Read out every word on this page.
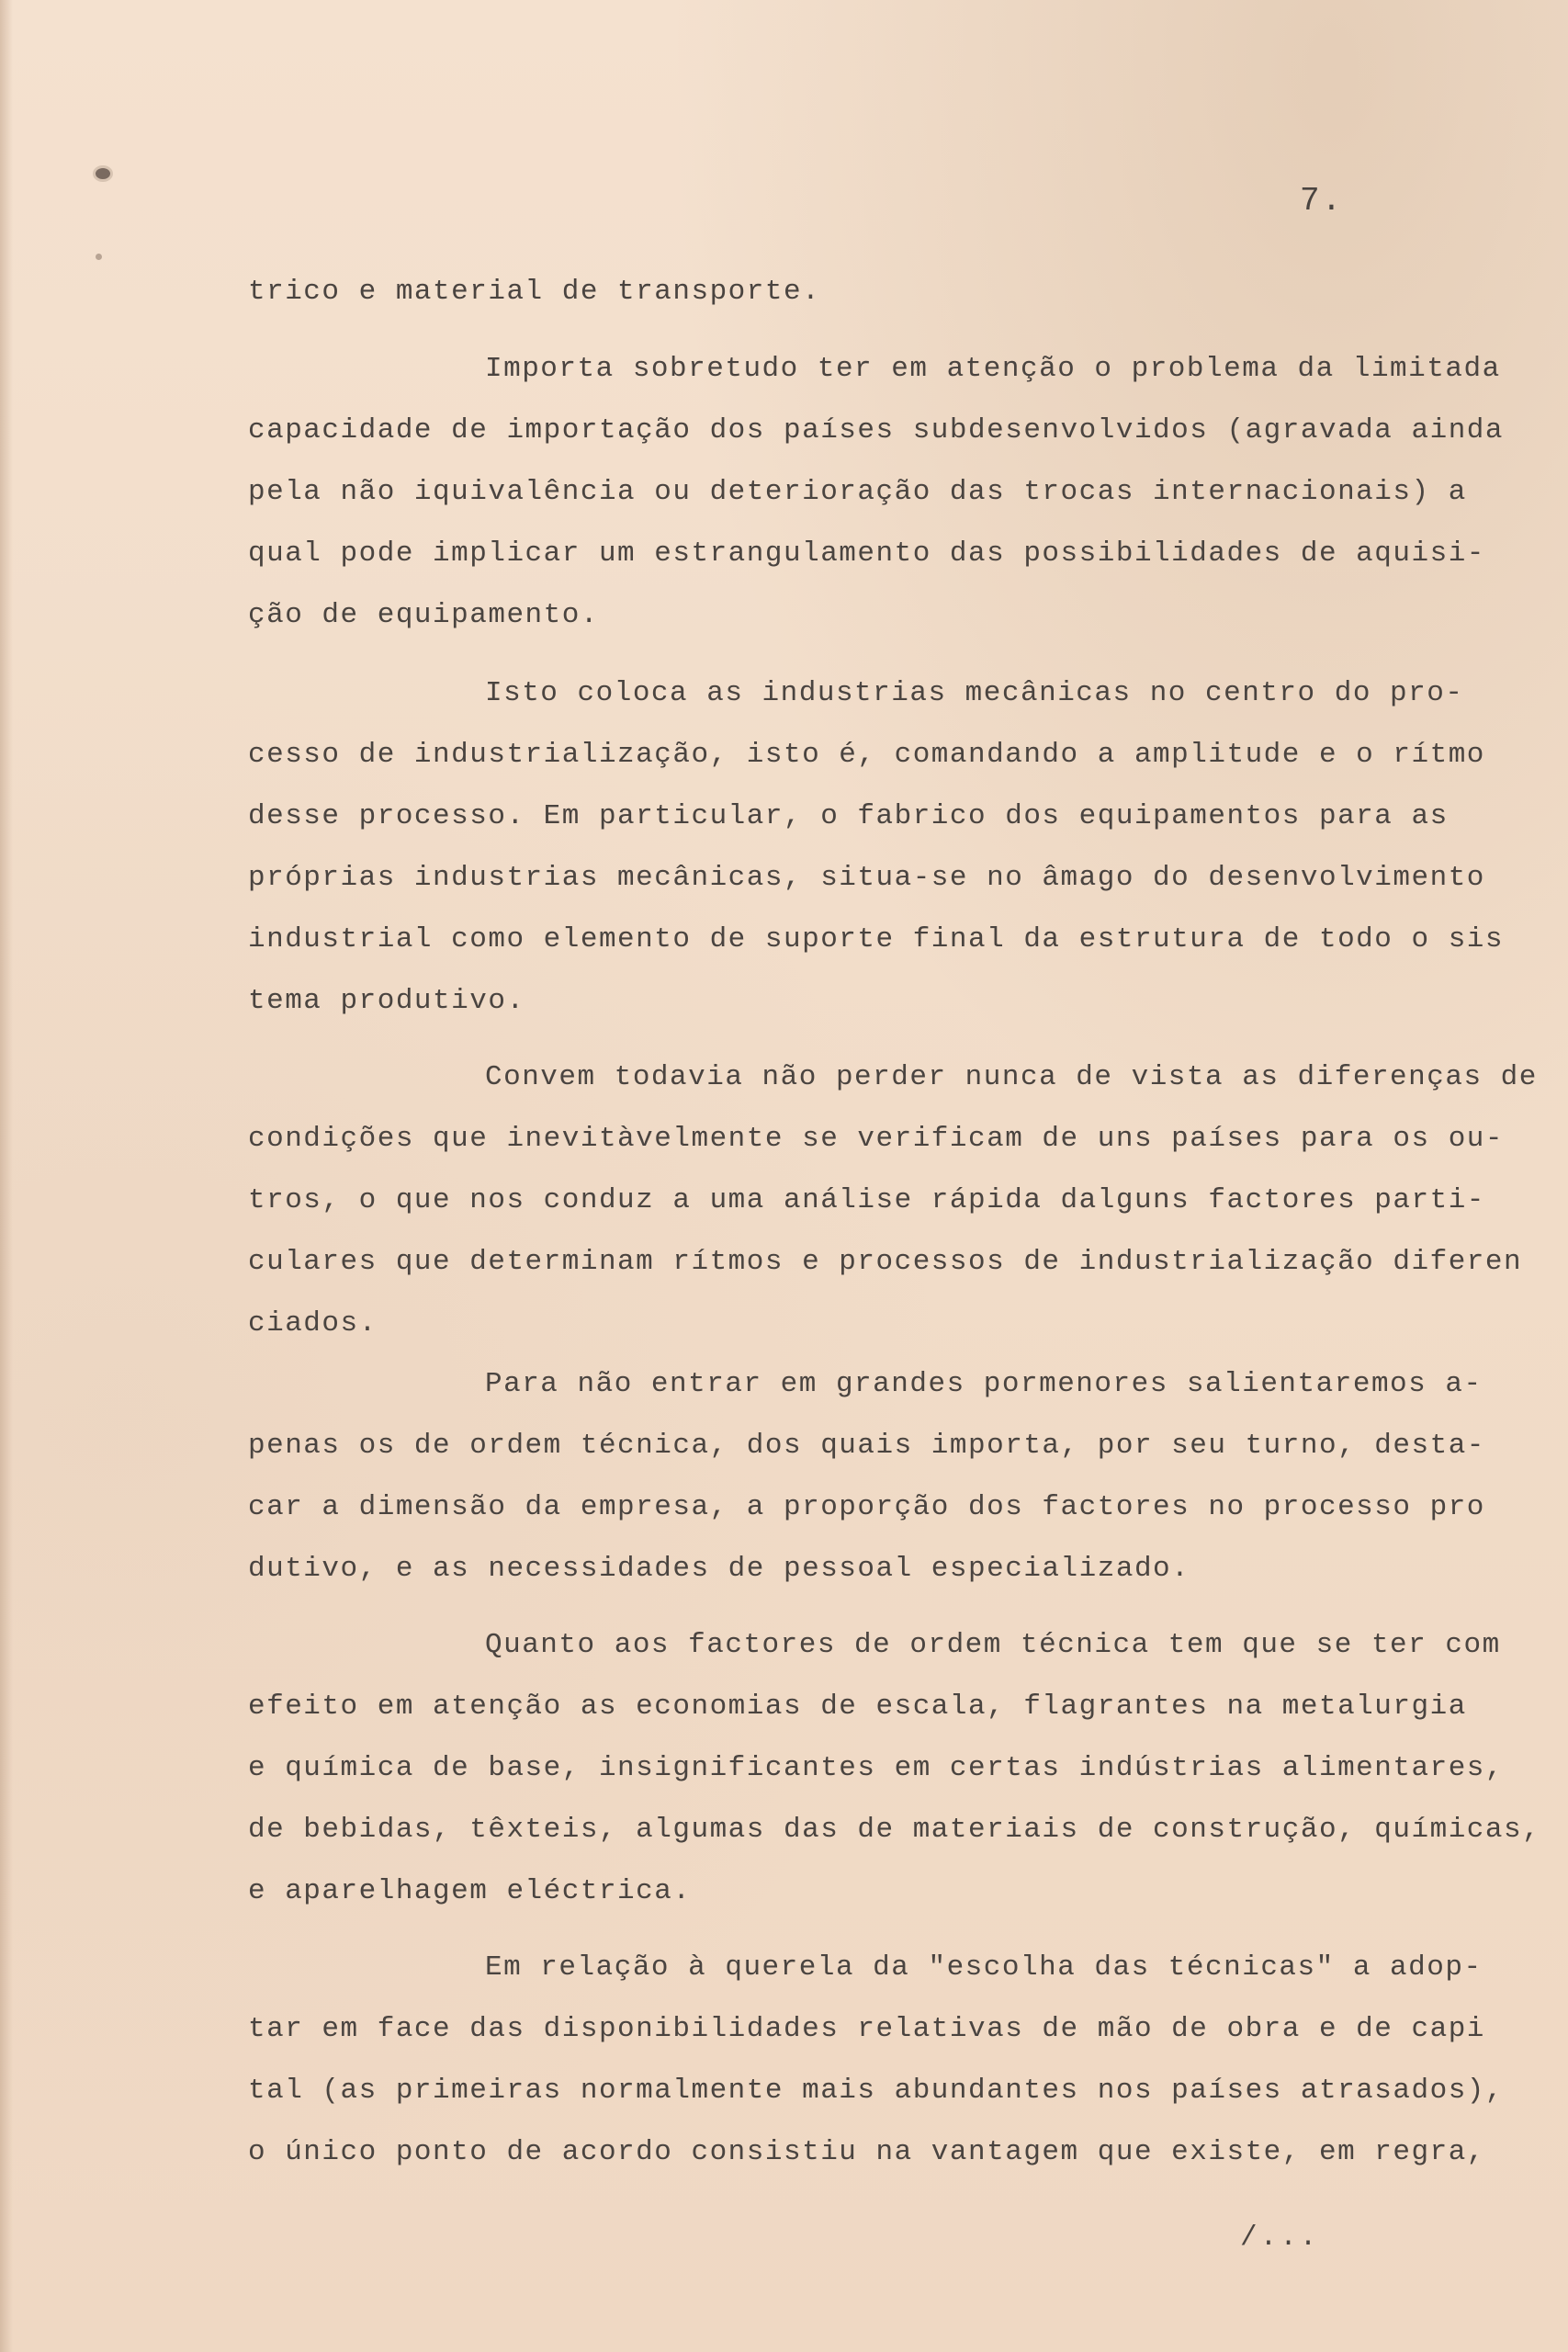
7.
trico e material de transporte.
Importa sobretudo ter em atenção o problema da limitada
capacidade de importação dos países subdesenvolvidos (agravada ainda
pela não iquivalência ou deterioração das trocas internacionais) a
qual pode implicar um estrangulamento das possibilidades de aquisi-
ção de equipamento.
Isto coloca as industrias mecânicas no centro do pro-
cesso de industrialização, isto é, comandando a amplitude e o rítmo
desse processo. Em particular, o fabrico dos equipamentos para as
próprias industrias mecânicas, situa-se no âmago do desenvolvimento
industrial como elemento de suporte final da estrutura de todo o sis
tema produtivo.
Convem todavia não perder nunca de vista as diferenças de
condições que inevitàvelmente se verificam de uns países para os ou-
tros, o que nos conduz a uma análise rápida dalguns factores parti-
culares que determinam rítmos e processos de industrialização diferen
ciados.
Para não entrar em grandes pormenores salientaremos a-
penas os de ordem técnica, dos quais importa, por seu turno, desta-
car a dimensão da empresa, a proporção dos factores no processo pro
dutivo, e as necessidades de pessoal especializado.
Quanto aos factores de ordem técnica tem que se ter com
efeito em atenção as economias de escala, flagrantes na metalurgia
e química de base, insignificantes em certas indústrias alimentares,
de bebidas, têxteis, algumas das de materiais de construção, químicas,
e aparelhagem eléctrica.
Em relação à querela da "escolha das técnicas" a adop-
tar em face das disponibilidades relativas de mão de obra e de capi
tal (as primeiras normalmente mais abundantes nos países atrasados),
o único ponto de acordo consistiu na vantagem que existe, em regra,
/...
